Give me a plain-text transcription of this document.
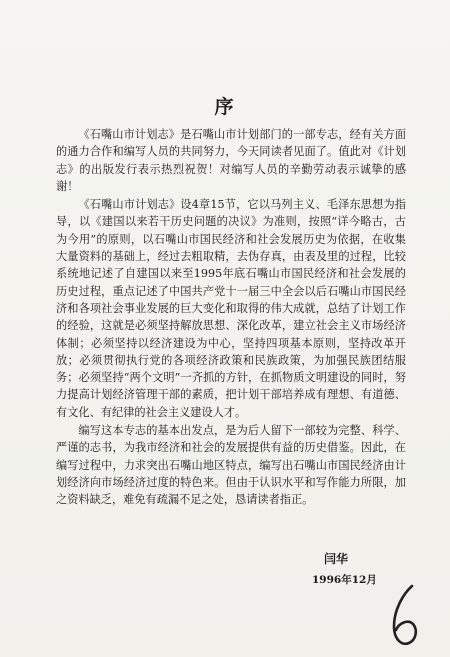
序

《石嘴山市计划志》是石嘴山市计划部门的一部专志，经有关方面的通力合作和编写人员的共同努力，今天同读者见面了。值此对《计划志》的出版发行表示热烈祝贺！对编写人员的辛勤劳动表示诚挚的感谢！

《石嘴山市计划志》设4章15节，它以马列主义、毛泽东思想为指导，以《建国以来若干历史问题的决议》为准则，按照“详今略古，古为今用”的原则，以石嘴山市国民经济和社会发展历史为依据，在收集大量资料的基础上，经过去粗取精，去伪存真，由表及里的过程，比较系统地记述了自建国以来至1995年底石嘴山市国民经济和社会发展的历史过程，重点记述了中国共产党十一届三中全会以后石嘴山市国民经济和各项社会事业发展的巨大变化和取得的伟大成就，总结了计划工作的经验，这就是必须坚持解放思想、深化改革，建立社会主义市场经济体制；必须坚持以经济建设为中心，坚持四项基本原则，坚持改革开放；必须贯彻执行党的各项经济政策和民族政策，为加强民族团结服务；必须坚持“两个文明”一齐抓的方针，在抓物质文明建设的同时，努力提高计划经济管理干部的素质，把计划干部培养成有理想、有道德、有文化、有纪律的社会主义建设人才。

编写这本专志的基本出发点，是为后人留下一部较为完整、科学、严谨的志书，为我市经济和社会的发展提供有益的历史借鉴。因此，在编写过程中，力求突出石嘴山地区特点，编写出石嘴山市国民经济由计划经济向市场经济过度的特色来。但由于认识水平和写作能力所限，加之资料缺乏，难免有疏漏不足之处，恳请读者指正。

闫华
1996年12月
